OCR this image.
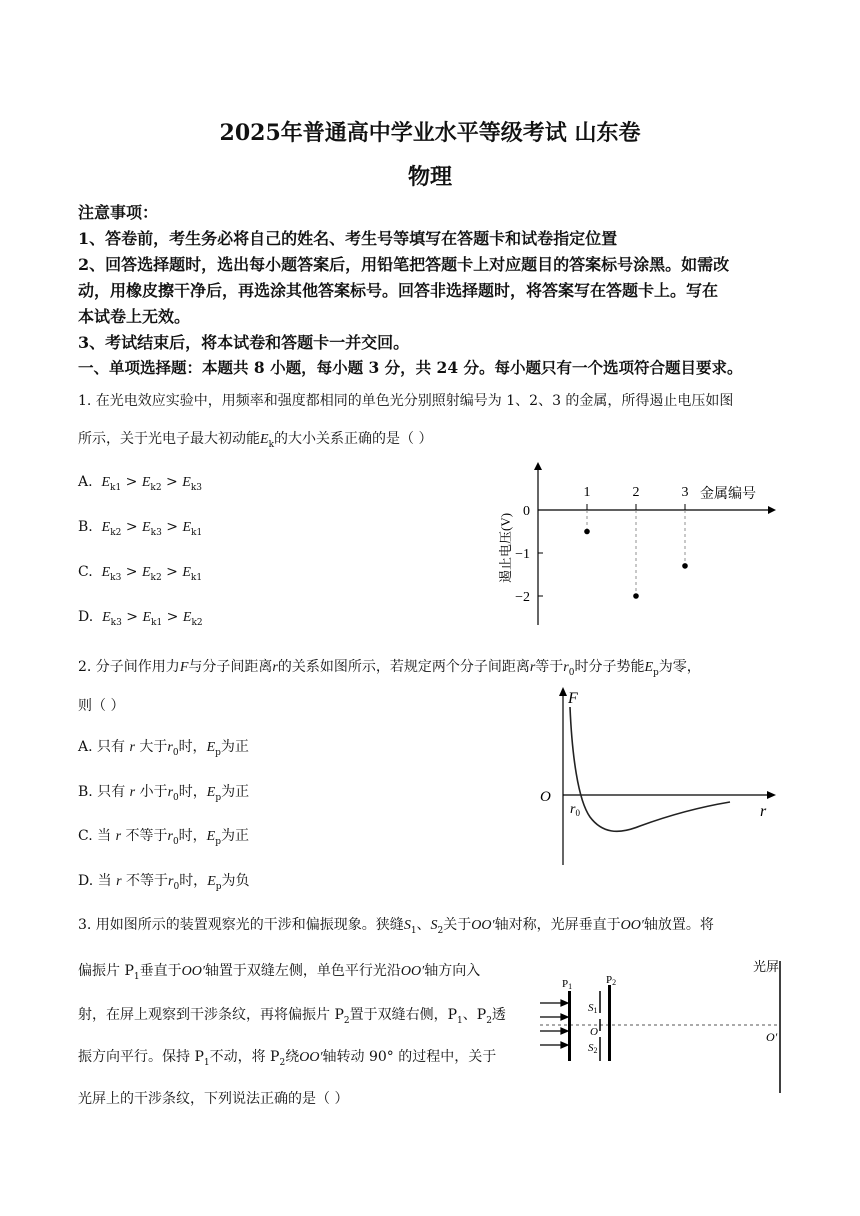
2025年普通高中学业水平等级考试 山东卷
物理
注意事项：
1、答卷前，考生务必将自己的姓名、考生号等填写在答题卡和试卷指定位置
2、回答选择题时，选出每小题答案后，用铅笔把答题卡上对应题目的答案标号涂黑。如需改
动，用橡皮擦干净后，再选涂其他答案标号。回答非选择题时，将答案写在答题卡上。写在
本试卷上无效。
3、考试结束后，将本试卷和答题卡一并交回。
一、单项选择题：本题共 8 小题，每小题 3 分，共 24 分。每小题只有一个选项符合题目要求。
1. 在光电效应实验中，用频率和强度都相同的单色光分别照射编号为 1、2、3 的金属，所得遏止电压如图
所示，关于光电子最大初动能$E_k$的大小关系正确的是（ ）
A. $E_{k1} > E_{k2} > E_{k3}$
B. $E_{k2} > E_{k3} > E_{k1}$
C. $E_{k3} > E_{k2} > E_{k1}$
D. $E_{k3} > E_{k1} > E_{k2}$
1	2	3
0
−1
−2
金属编号
遏止电压(V)
2. 分子间作用力F与分子间距离r的关系如图所示，若规定两个分子间距离r等于$r_0$时分子势能$E_p$为零，
则（ ）
A. 只有 r 大于$r_0$时，$E_p$为正
B. 只有 r 小于$r_0$时，$E_p$为正
C. 当 r 不等于$r_0$时，$E_p$为正
D. 当 r 不等于$r_0$时，$E_p$为负
F
r
O
$r_0$
3. 用如图所示的装置观察光的干涉和偏振现象。狭缝$S_1$、$S_2$关于OO′轴对称，光屏垂直于OO′轴放置。将
偏振片 $P_1$垂直于OO′轴置于双缝左侧，单色平行光沿OO′轴方向入
射，在屏上观察到干涉条纹，再将偏振片 $P_2$置于双缝右侧，$P_1$、$P_2$透
振方向平行。保持 $P_1$不动，将 $P_2$绕OO′轴转动 90° 的过程中，关于
光屏上的干涉条纹，下列说法正确的是（ ）
光屏
P1
P2
S1
O
S2
O′
